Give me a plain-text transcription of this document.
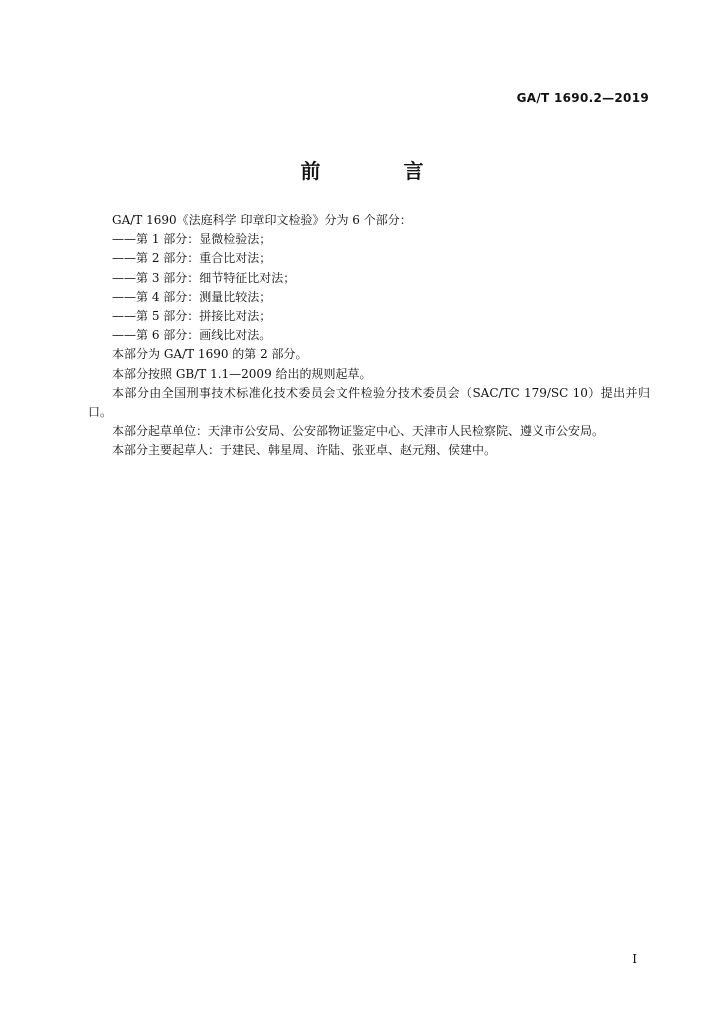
GA/T 1690.2—2019
前 言

GA/T 1690《法庭科学 印章印文检验》分为 6 个部分：

——第 1 部分：显微检验法；

——第 2 部分：重合比对法；

——第 3 部分：细节特征比对法；

——第 4 部分：测量比较法；

——第 5 部分：拼接比对法；

——第 6 部分：画线比对法。

本部分为 GA/T 1690 的第 2 部分。

本部分按照 GB/T 1.1—2009 给出的规则起草。

本部分由全国刑事技术标准化技术委员会文件检验分技术委员会（SAC/TC 179/SC 10）提出并归口。

本部分起草单位：天津市公安局、公安部物证鉴定中心、天津市人民检察院、遵义市公安局。

本部分主要起草人：于建民、韩星周、许陆、张亚卓、赵元翔、侯建中。

I
